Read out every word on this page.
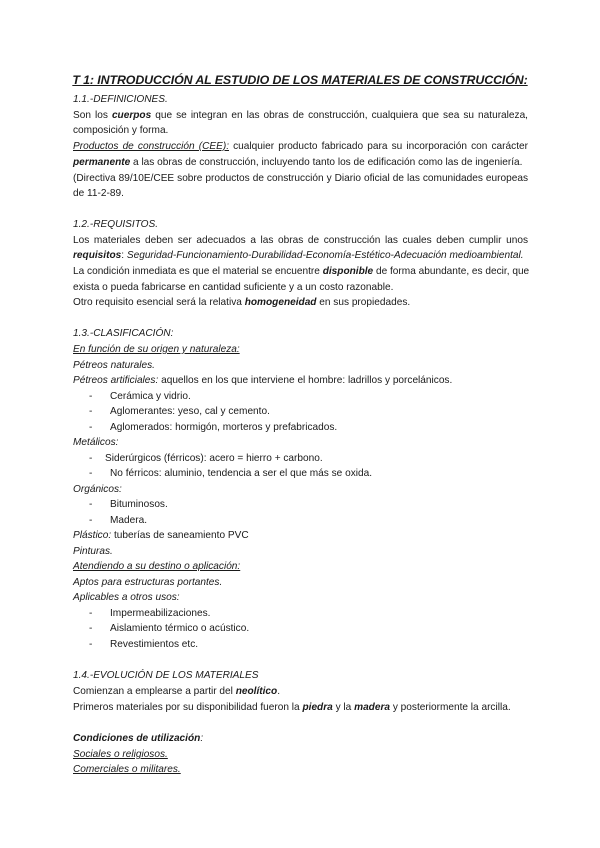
T 1: INTRODUCCIÓN AL ESTUDIO DE LOS MATERIALES DE CONSTRUCCIÓN:
1.1.-DEFINICIONES.
Son los cuerpos que se integran en las obras de construcción, cualquiera que sea su naturaleza,
composición y forma.
Productos de construcción (CEE): cualquier producto fabricado para su incorporación con carácter
permanente a las obras de construcción, incluyendo tanto los de edificación como las de ingeniería.
(Directiva 89/10E/CEE sobre productos de construcción y Diario oficial de las comunidades europeas
de 11-2-89.
1.2.-REQUISITOS.
Los materiales deben ser adecuados a las obras de construcción las cuales deben cumplir unos
requisitos: Seguridad-Funcionamiento-Durabilidad-Economía-Estético-Adecuación medioambiental.
La condición inmediata es que el material se encuentre disponible de forma abundante, es decir, que
exista o pueda fabricarse en cantidad suficiente y a un costo razonable.
Otro requisito esencial será la relativa homogeneidad en sus propiedades.
1.3.-CLASIFICACIÓN:
En función de su origen y naturaleza:
Pétreos naturales.
Pétreos artificiales: aquellos en los que interviene el hombre: ladrillos y porcelánicos.
- Cerámica y vidrio.
- Aglomerantes: yeso, cal y cemento.
- Aglomerados: hormigón, morteros y prefabricados.
Metálicos:
- Siderúrgicos (férricos): acero = hierro + carbono.
- No férricos: aluminio, tendencia a ser el que más se oxida.
Orgánicos:
- Bituminosos.
- Madera.
Plástico: tuberías de saneamiento PVC
Pinturas.
Atendiendo a su destino o aplicación:
Aptos para estructuras portantes.
Aplicables a otros usos:
- Impermeabilizaciones.
- Aislamiento térmico o acústico.
- Revestimientos etc.
1.4.-EVOLUCIÓN DE LOS MATERIALES
Comienzan a emplearse a partir del neolítico.
Primeros materiales por su disponibilidad fueron la piedra y la madera y posteriormente la arcilla.
Condiciones de utilización:
Sociales o religiosos.
Comerciales o militares.
